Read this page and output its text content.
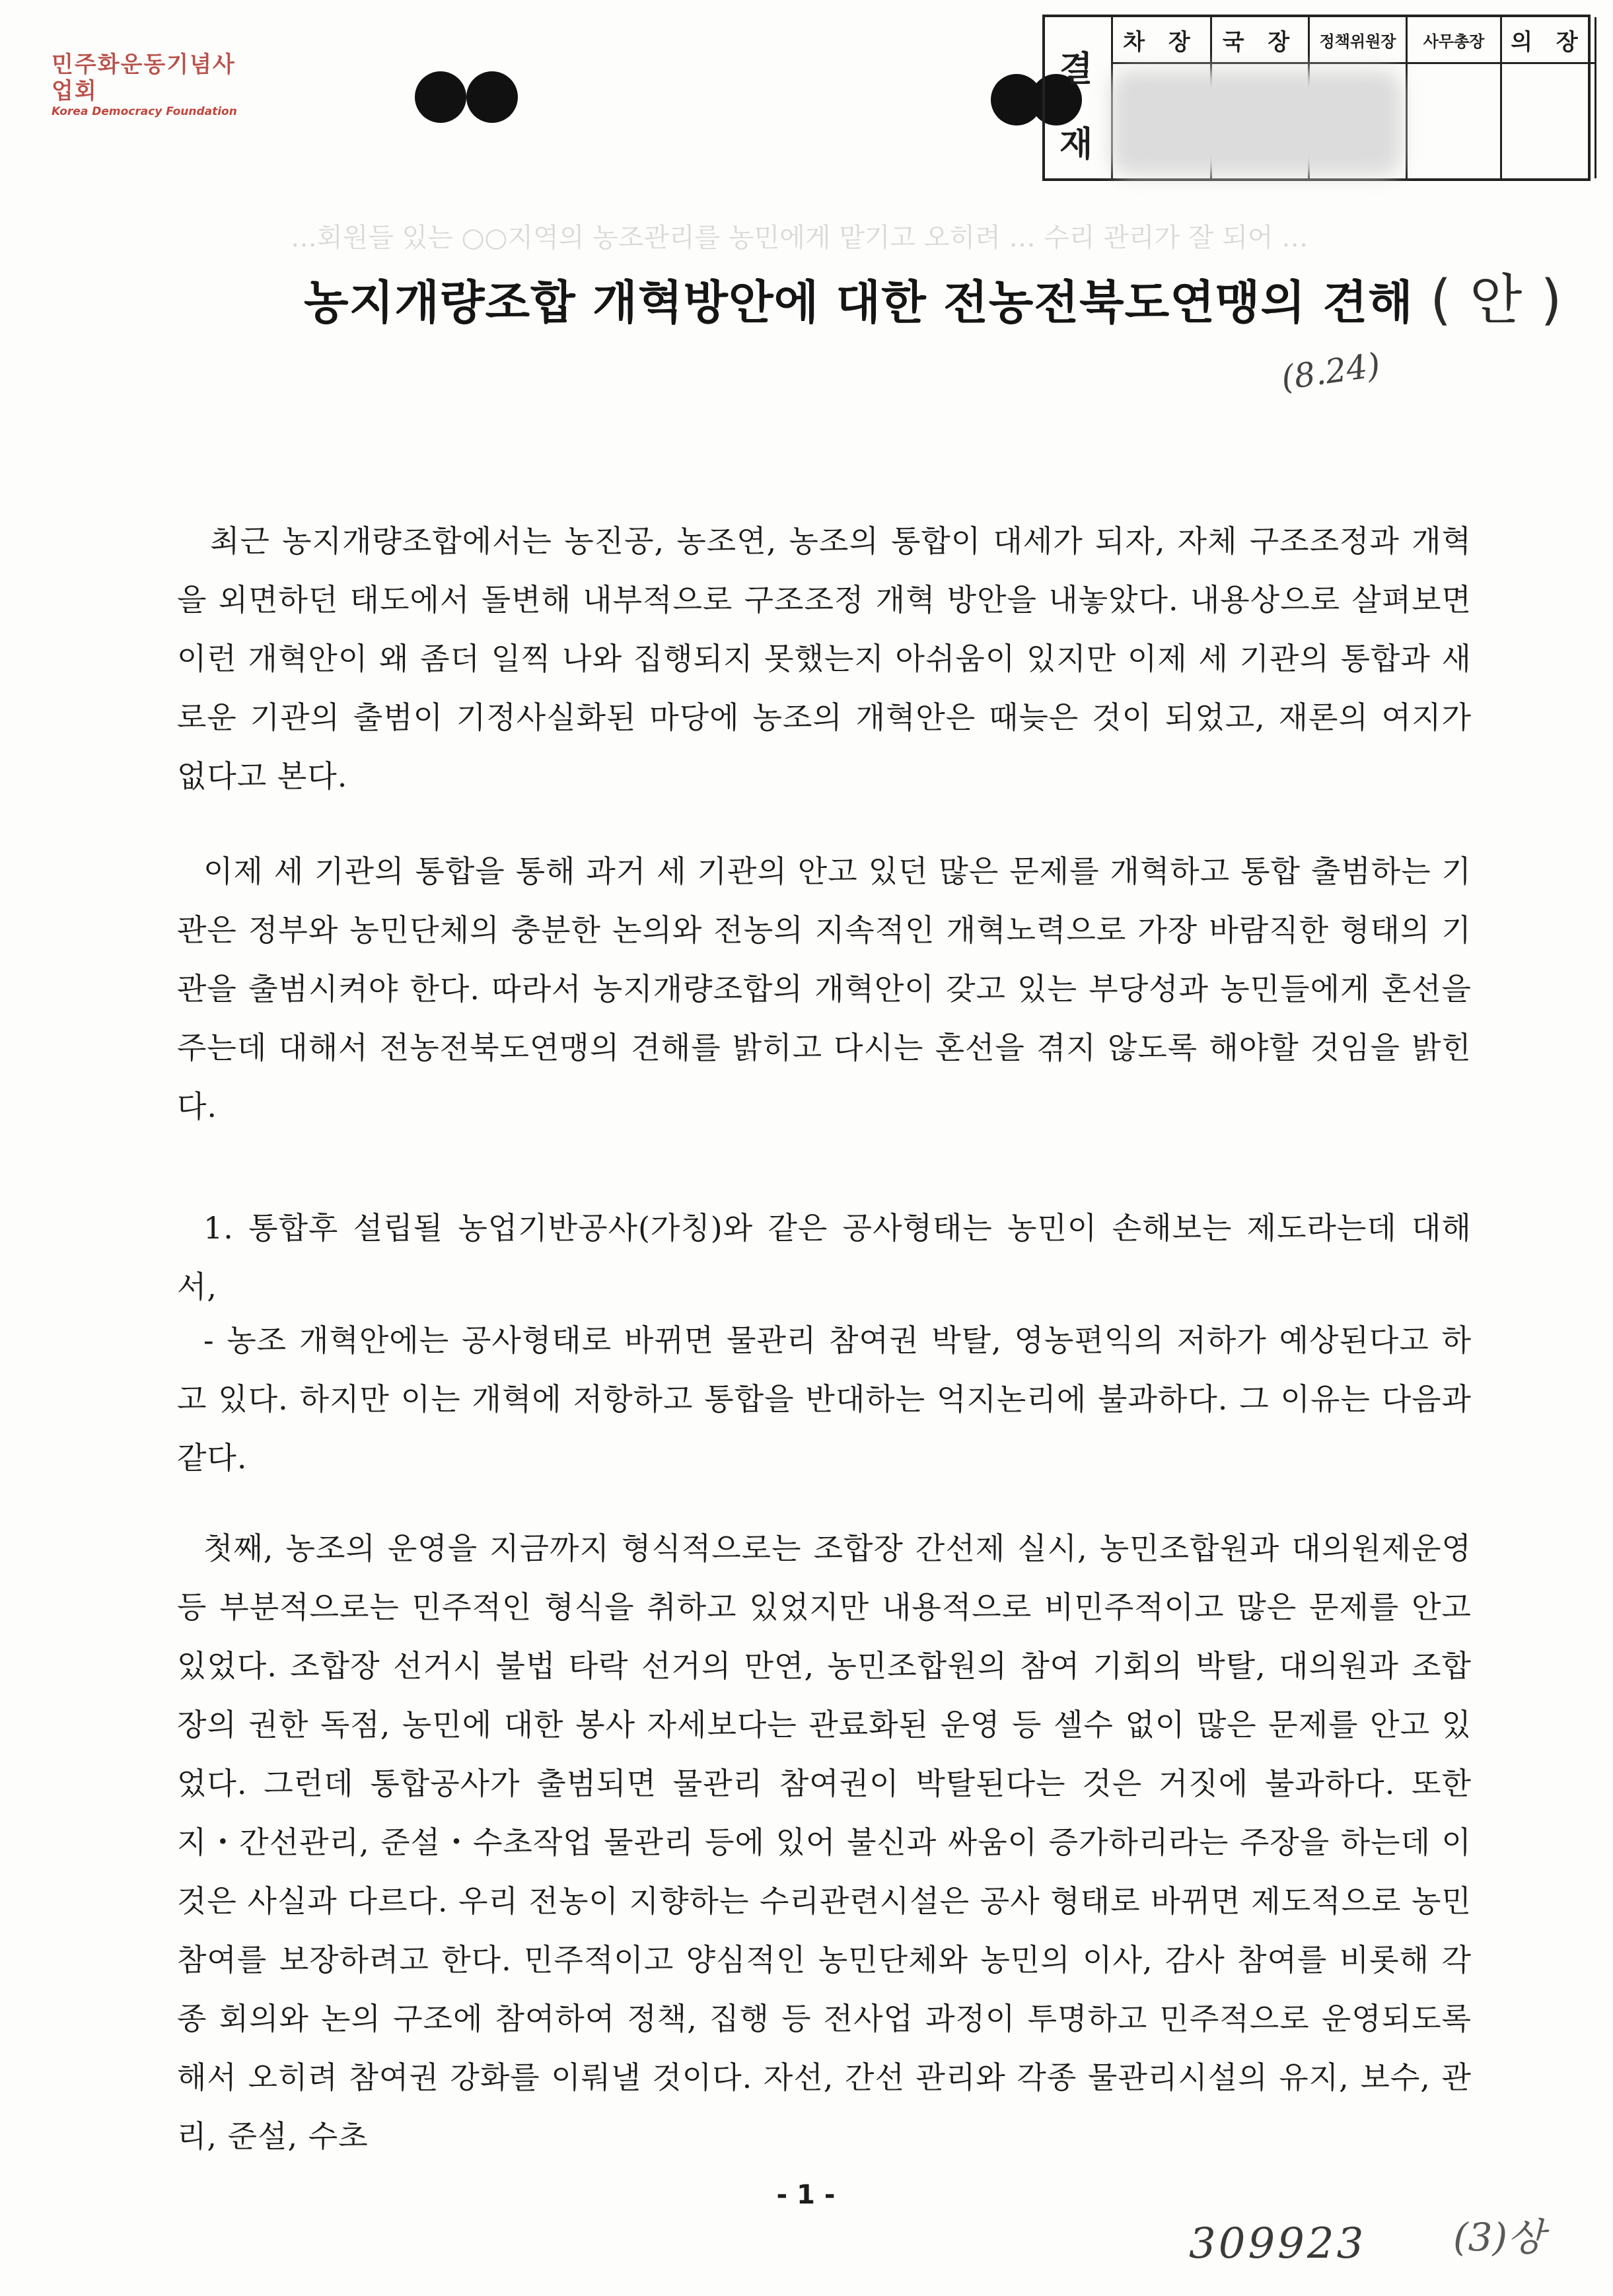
민주화운동기념사업회
Korea Democracy Foundation
결
재
차 장	국 장	정책위원장	사무총장	의 장
…회원들 있는 ○○지역의 농조관리를 농민에게 맡기고 오히려 … 수리 관리가 잘 되어 …
농지개량조합 개혁방안에 대한 전농전북도연맹의 견해 ( 안 )
(8.24)
최근 농지개량조합에서는 농진공, 농조연, 농조의 통합이 대세가 되자, 자체 구조조정과 개혁을 외면하던 태도에서 돌변해 내부적으로 구조조정 개혁 방안을 내놓았다. 내용상으로 살펴보면 이런 개혁안이 왜 좀더 일찍 나와 집행되지 못했는지 아쉬움이 있지만 이제 세 기관의 통합과 새로운 기관의 출범이 기정사실화된 마당에 농조의 개혁안은 때늦은 것이 되었고, 재론의 여지가 없다고 본다.
이제 세 기관의 통합을 통해 과거 세 기관의 안고 있던 많은 문제를 개혁하고 통합 출범하는 기관은 정부와 농민단체의 충분한 논의와 전농의 지속적인 개혁노력으로 가장 바람직한 형태의 기관을 출범시켜야 한다. 따라서 농지개량조합의 개혁안이 갖고 있는 부당성과 농민들에게 혼선을 주는데 대해서 전농전북도연맹의 견해를 밝히고 다시는 혼선을 겪지 않도록 해야할 것임을 밝힌다.
1. 통합후 설립될 농업기반공사(가칭)와 같은 공사형태는 농민이 손해보는 제도라는데 대해서,
- 농조 개혁안에는 공사형태로 바뀌면 물관리 참여권 박탈, 영농편익의 저하가 예상된다고 하고 있다. 하지만 이는 개혁에 저항하고 통합을 반대하는 억지논리에 불과하다. 그 이유는 다음과 같다.
첫째, 농조의 운영을 지금까지 형식적으로는 조합장 간선제 실시, 농민조합원과 대의원제운영 등 부분적으로는 민주적인 형식을 취하고 있었지만 내용적으로 비민주적이고 많은 문제를 안고 있었다. 조합장 선거시 불법 타락 선거의 만연, 농민조합원의 참여 기회의 박탈, 대의원과 조합장의 권한 독점, 농민에 대한 봉사 자세보다는 관료화된 운영 등 셀수 없이 많은 문제를 안고 있었다. 그런데 통합공사가 출범되면 물관리 참여권이 박탈된다는 것은 거짓에 불과하다. 또한 지・간선관리, 준설・수초작업 물관리 등에 있어 불신과 싸움이 증가하리라는 주장을 하는데 이것은 사실과 다르다. 우리 전농이 지향하는 수리관련시설은 공사 형태로 바뀌면 제도적으로 농민참여를 보장하려고 한다. 민주적이고 양심적인 농민단체와 농민의 이사, 감사 참여를 비롯해 각종 회의와 논의 구조에 참여하여 정책, 집행 등 전사업 과정이 투명하고 민주적으로 운영되도록 해서 오히려 참여권 강화를 이뤄낼 것이다. 자선, 간선 관리와 각종 물관리시설의 유지, 보수, 관리, 준설, 수초
- 1 -
309923	(3)상
